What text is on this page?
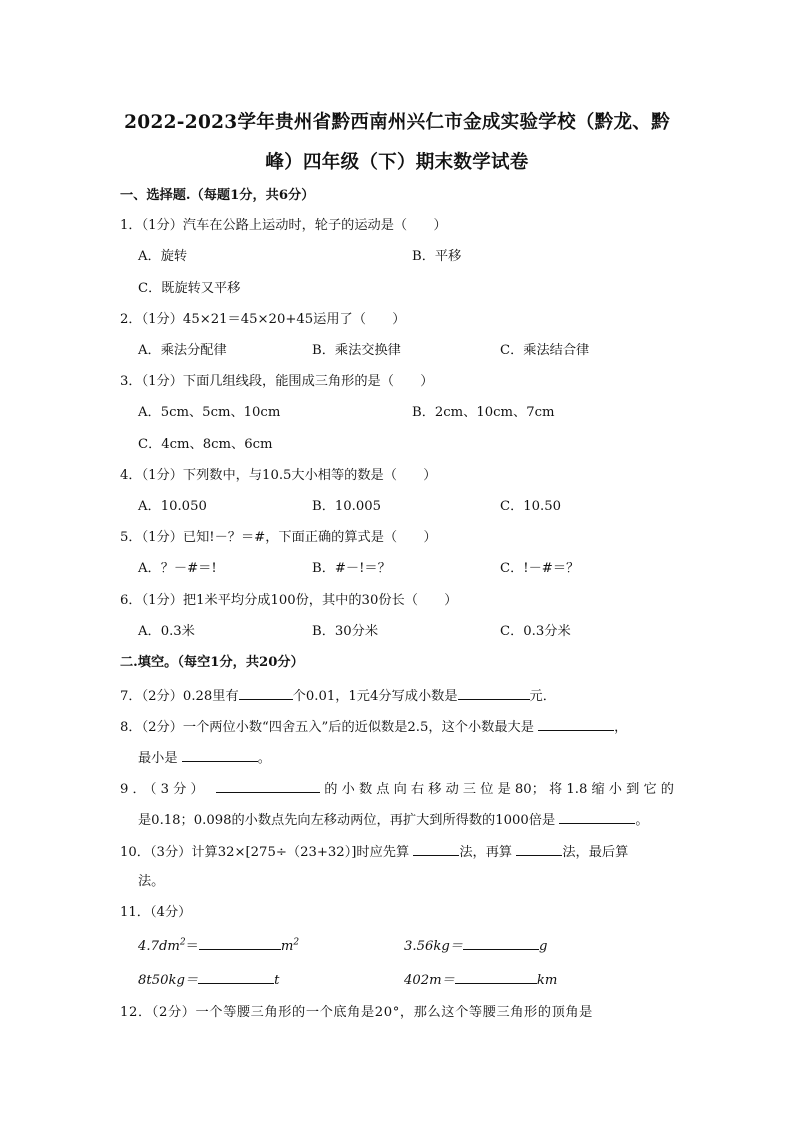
2022-2023学年贵州省黔西南州兴仁市金成实验学校（黔龙、黔
峰）四年级（下）期末数学试卷
一、选择题.（每题1分，共6分）
1．（1分）汽车在公路上运动时，轮子的运动是（　　）
A．旋转	B．平移
C．既旋转又平移
2．（1分）45×21＝45×20+45运用了（　　）
A．乘法分配律	B．乘法交换律	C．乘法结合律
3．（1分）下面几组线段，能围成三角形的是（　　）
A．5cm、5cm、10cm	B．2cm、10cm、7cm
C．4cm、8cm、6cm
4．（1分）下列数中，与10.5大小相等的数是（　　）
A．10.050	B．10.005	C．10.50
5．（1分）已知!－？＝#，下面正确的算式是（　　）
A．？－#＝!	B．#－!＝？	C．!－#＝？
6．（1分）把1米平均分成100份，其中的30份长（　　）
A．0.3米	B．30分米	C．0.3分米
二.填空。（每空1分，共20分）
7．（2分）0.28里有	个0.01，1元4分写成小数是	元．
8．（2分）一个两位小数“四舍五入”后的近似数是2.5，这个小数最大是	，
最小是	。
9．（3分）	的小数点向右移动三位是80；将1.8缩小到它的
是0.18；0.098的小数点先向左移动两位，再扩大到所得数的1000倍是	。
10．（3分）计算32×[275÷（23+32）]时应先算	法，再算	法，最后算
法。
11．（4分）
$4.7dm^2=$	$m^2$	3.56kg＝	g
8t50kg＝	t	402m＝	km
12．（2分）一个等腰三角形的一个底角是20°，那么这个等腰三角形的顶角是
